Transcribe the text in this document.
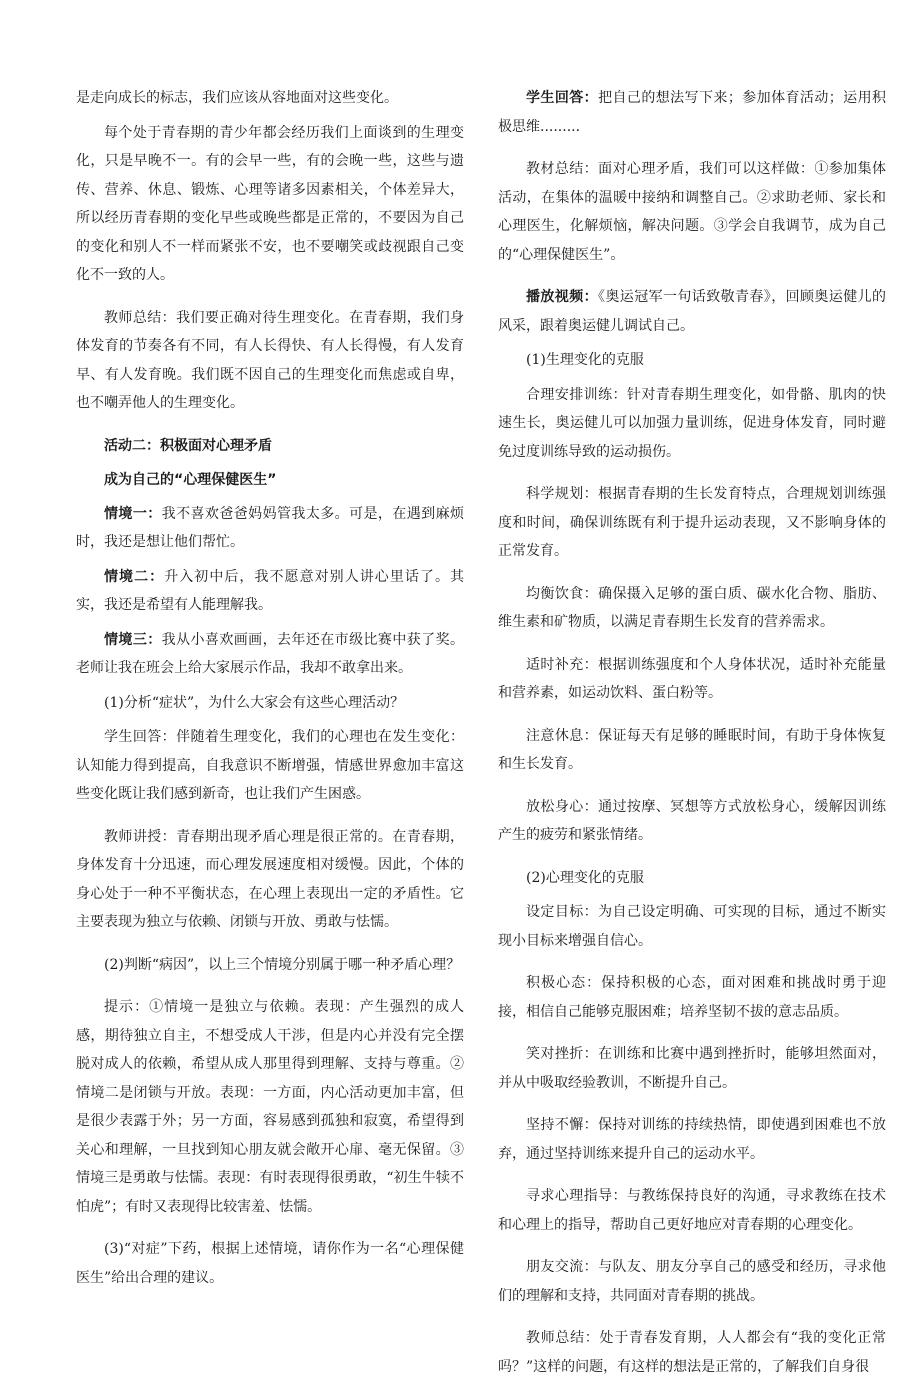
是走向成长的标志，我们应该从容地面对这些变化。

每个处于青春期的青少年都会经历我们上面谈到的生理变化，只是早晚不一。有的会早一些，有的会晚一些，这些与遗传、营养、休息、锻炼、心理等诸多因素相关，个体差异大，所以经历青春期的变化早些或晚些都是正常的，不要因为自己的变化和别人不一样而紧张不安，也不要嘲笑或歧视跟自己变化不一致的人。

教师总结：我们要正确对待生理变化。在青春期，我们身体发育的节奏各有不同，有人长得快、有人长得慢，有人发育早、有人发育晚。我们既不因自己的生理变化而焦虑或自卑，也不嘲弄他人的生理变化。

活动二：积极面对心理矛盾
成为自己的“心理保健医生”

情境一：我不喜欢爸爸妈妈管我太多。可是，在遇到麻烦时，我还是想让他们帮忙。

情境二：升入初中后，我不愿意对别人讲心里话了。其实，我还是希望有人能理解我。

情境三：我从小喜欢画画，去年还在市级比赛中获了奖。老师让我在班会上给大家展示作品，我却不敢拿出来。

(1)分析“症状”，为什么大家会有这些心理活动？

学生回答：伴随着生理变化，我们的心理也在发生变化：认知能力得到提高，自我意识不断增强，情感世界愈加丰富这些变化既让我们感到新奇，也让我们产生困惑。

教师讲授：青春期出现矛盾心理是很正常的。在青春期，身体发育十分迅速，而心理发展速度相对缓慢。因此，个体的身心处于一种不平衡状态，在心理上表现出一定的矛盾性。它主要表现为独立与依赖、闭锁与开放、勇敢与怯懦。

(2)判断“病因”，以上三个情境分别属于哪一种矛盾心理？

提示：①情境一是独立与依赖。表现：产生强烈的成人感，期待独立自主，不想受成人干涉，但是内心并没有完全摆脱对成人的依赖，希望从成人那里得到理解、支持与尊重。②情境二是闭锁与开放。表现：一方面，内心活动更加丰富，但是很少表露于外；另一方面，容易感到孤独和寂寞，希望得到关心和理解，一旦找到知心朋友就会敞开心扉、毫无保留。③情境三是勇敢与怯懦。表现：有时表现得很勇敢，“初生牛犊不怕虎”；有时又表现得比较害羞、怯懦。

(3)“对症”下药，根据上述情境，请你作为一名“心理保健医生”给出合理的建议。

学生回答：把自己的想法写下来；参加体育活动；运用积极思维.........

教材总结：面对心理矛盾，我们可以这样做：①参加集体活动，在集体的温暖中接纳和调整自己。②求助老师、家长和心理医生，化解烦恼，解决问题。③学会自我调节，成为自己的“心理保健医生”。

播放视频：《奥运冠军一句话致敬青春》，回顾奥运健儿的风采，跟着奥运健儿调试自己。

(1)生理变化的克服

合理安排训练：针对青春期生理变化，如骨骼、肌肉的快速生长，奥运健儿可以加强力量训练，促进身体发育，同时避免过度训练导致的运动损伤。

科学规划：根据青春期的生长发育特点，合理规划训练强度和时间，确保训练既有利于提升运动表现，又不影响身体的正常发育。

均衡饮食：确保摄入足够的蛋白质、碳水化合物、脂肪、维生素和矿物质，以满足青春期生长发育的营养需求。

适时补充：根据训练强度和个人身体状况，适时补充能量和营养素，如运动饮料、蛋白粉等。

注意休息：保证每天有足够的睡眠时间，有助于身体恢复和生长发育。

放松身心：通过按摩、冥想等方式放松身心，缓解因训练产生的疲劳和紧张情绪。

(2)心理变化的克服

设定目标：为自己设定明确、可实现的目标，通过不断实现小目标来增强自信心。

积极心态：保持积极的心态，面对困难和挑战时勇于迎接，相信自己能够克服困难；培养坚韧不拔的意志品质。

笑对挫折：在训练和比赛中遇到挫折时，能够坦然面对，并从中吸取经验教训，不断提升自己。

坚持不懈：保持对训练的持续热情，即使遇到困难也不放弃，通过坚持训练来提升自己的运动水平。

寻求心理指导：与教练保持良好的沟通，寻求教练在技术和心理上的指导，帮助自己更好地应对青春期的心理变化。

朋友交流：与队友、朋友分享自己的感受和经历，寻求他们的理解和支持，共同面对青春期的挑战。

教师总结：处于青春发育期，人人都会有“我的变化正常吗？”这样的问题，有这样的想法是正常的，了解我们自身很
